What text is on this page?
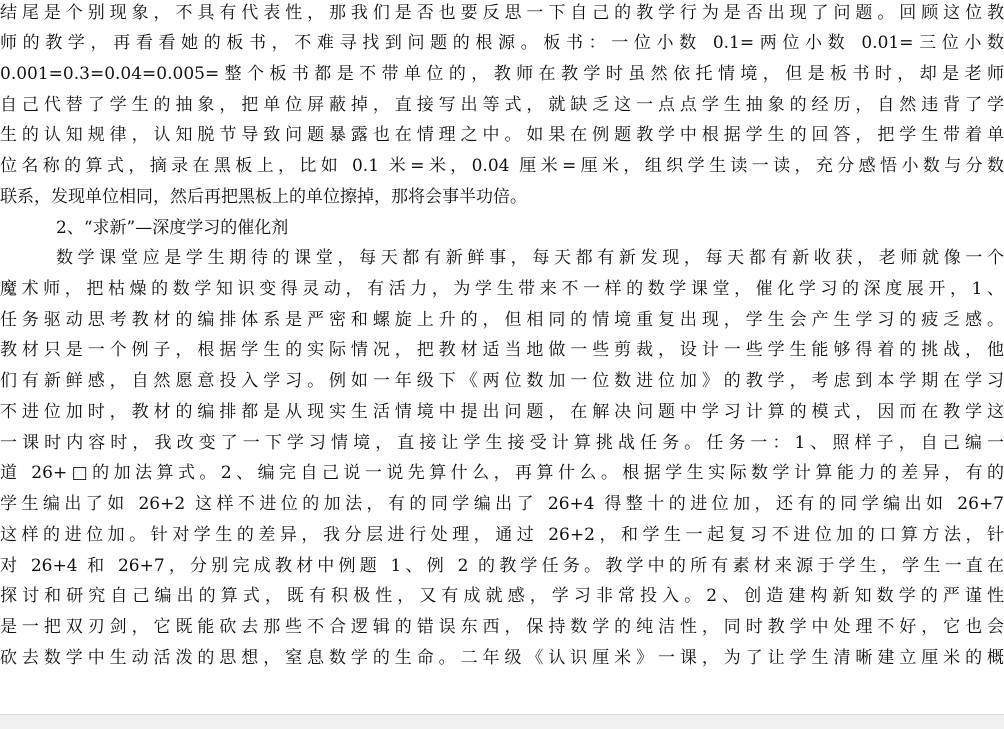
结尾是个别现象，不具有代表性，那我们是否也要反思一下自己的教学行为是否出现了问题。回顾这位教
师的教学，再看看她的板书，不难寻找到问题的根源。板书：一位小数 0.1=两位小数 0.01=三位小数
0.001=0.3=0.04=0.005=整个板书都是不带单位的，教师在教学时虽然依托情境，但是板书时，却是老师
自己代替了学生的抽象，把单位屏蔽掉，直接写出等式，就缺乏这一点点学生抽象的经历，自然违背了学
生的认知规律，认知脱节导致问题暴露也在情理之中。如果在例题教学中根据学生的回答，把学生带着单
位名称的算式，摘录在黑板上，比如 0.1 米=米，0.04 厘米=厘米，组织学生读一读，充分感悟小数与分数
联系，发现单位相同，然后再把黑板上的单位擦掉，那将会事半功倍。
2、“求新”—深度学习的催化剂
数学课堂应是学生期待的课堂，每天都有新鲜事，每天都有新发现，每天都有新收获，老师就像一个
魔术师，把枯燥的数学知识变得灵动，有活力，为学生带来不一样的数学课堂，催化学习的深度展开，1、
任务驱动思考教材的编排体系是严密和螺旋上升的，但相同的情境重复出现，学生会产生学习的疲乏感。
教材只是一个例子，根据学生的实际情况，把教材适当地做一些剪裁，设计一些学生能够得着的挑战，他
们有新鲜感，自然愿意投入学习。例如一年级下《两位数加一位数进位加》的教学，考虑到本学期在学习
不进位加时，教材的编排都是从现实生活情境中提出问题，在解决问题中学习计算的模式，因而在教学这
一课时内容时，我改变了一下学习情境，直接让学生接受计算挑战任务。任务一：1、照样子，自己编一
道 26+□的加法算式。2、编完自己说一说先算什么，再算什么。根据学生实际数学计算能力的差异，有的
学生编出了如 26+2 这样不进位的加法，有的同学编出了 26+4 得整十的进位加，还有的同学编出如 26+7
这样的进位加。针对学生的差异，我分层进行处理，通过 26+2，和学生一起复习不进位加的口算方法，针
对 26+4 和 26+7，分别完成教材中例题 1、例 2 的教学任务。教学中的所有素材来源于学生，学生一直在
探讨和研究自己编出的算式，既有积极性，又有成就感，学习非常投入。2、创造建构新知数学的严谨性
是一把双刃剑，它既能砍去那些不合逻辑的错误东西，保持数学的纯洁性，同时教学中处理不好，它也会
砍去数学中生动活泼的思想，窒息数学的生命。二年级《认识厘米》一课，为了让学生清晰建立厘米的概
